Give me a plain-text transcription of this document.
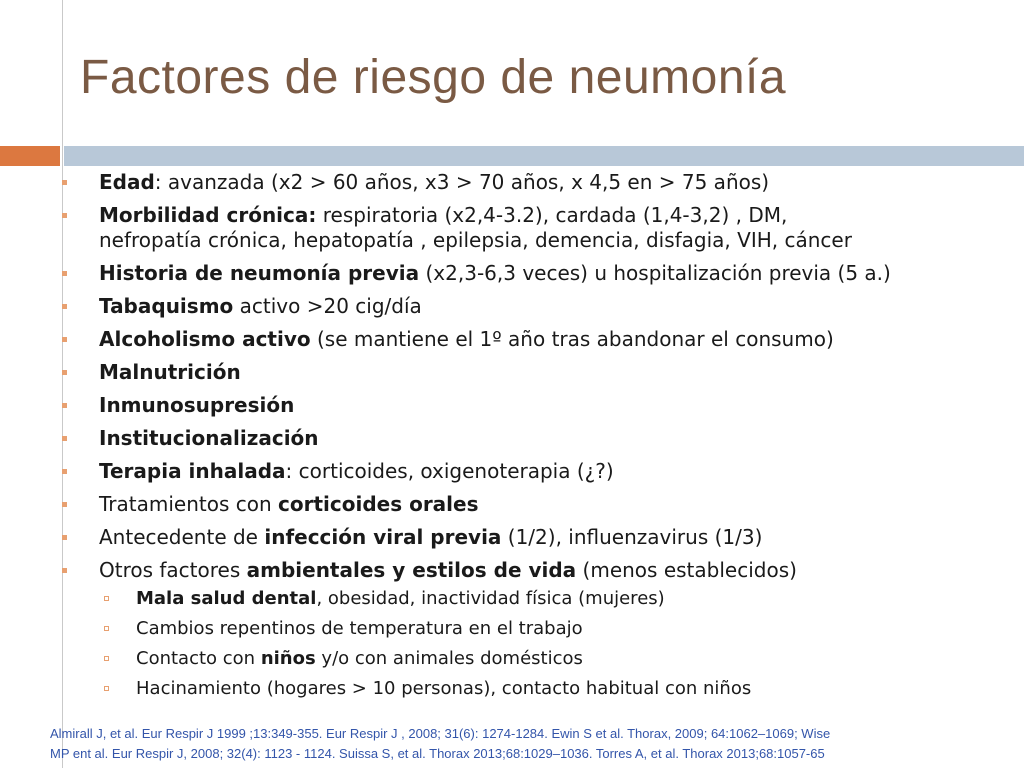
Factores de riesgo de neumonía
Edad: avanzada (x2 > 60 años, x3 > 70 años, x 4,5 en > 75 años)
Morbilidad crónica: respiratoria (x2,4-3.2), cardada (1,4-3,2) , DM,
nefropatía crónica, hepatopatía , epilepsia, demencia, disfagia, VIH, cáncer
Historia de neumonía previa (x2,3-6,3 veces) u hospitalización previa (5 a.)
Tabaquismo activo >20 cig/día
Alcoholismo activo (se mantiene el 1º año tras abandonar el consumo)
Malnutrición
Inmunosupresión
Institucionalización
Terapia inhalada: corticoides, oxigenoterapia (¿?)
Tratamientos con corticoides orales
Antecedente de infección viral previa (1/2), influenzavirus (1/3)
Otros factores ambientales y estilos de vida (menos establecidos)
Mala salud dental, obesidad, inactividad física (mujeres)
Cambios repentinos de temperatura en el trabajo
Contacto con niños y/o con animales domésticos
Hacinamiento (hogares > 10 personas), contacto habitual con niños
Almirall J, et al. Eur Respir J 1999 ;13:349-355. Eur Respir J , 2008; 31(6): 1274-1284. Ewin S et al. Thorax, 2009; 64:1062–1069; Wise
MP ent al. Eur Respir J, 2008; 32(4): 1123 - 1124. Suissa S, et al. Thorax 2013;68:1029–1036. Torres A, et al. Thorax 2013;68:1057-65
